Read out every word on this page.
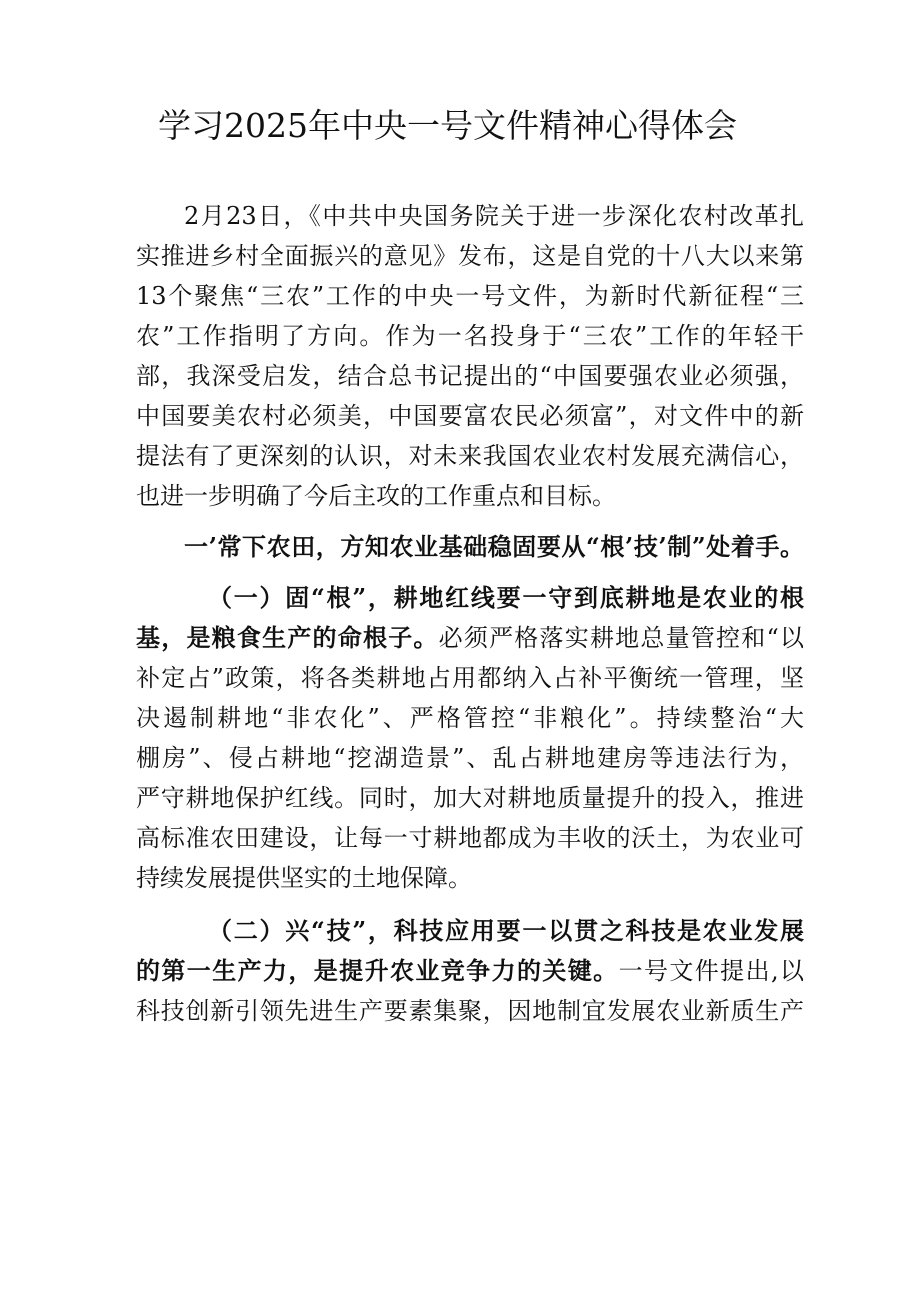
学习2025年中央一号文件精神心得体会
2月23日，《中共中央国务院关于进一步深化农村改革扎
实推进乡村全面振兴的意见》发布，这是自党的十八大以来第
13个聚焦“三农”工作的中央一号文件，为新时代新征程“三
农”工作指明了方向。作为一名投身于“三农”工作的年轻干
部，我深受启发，结合总书记提出的“中国要强农业必须强，
中国要美农村必须美，中国要富农民必须富”，对文件中的新
提法有了更深刻的认识，对未来我国农业农村发展充满信心，
也进一步明确了今后主攻的工作重点和目标。
一’常下农田，方知农业基础稳固要从“根’技’制”处着手。
（一）固“根”，耕地红线要一守到底耕地是农业的根
基，是粮食生产的命根子。必须严格落实耕地总量管控和“以
补定占”政策，将各类耕地占用都纳入占补平衡统一管理，坚
决遏制耕地“非农化”、严格管控“非粮化”。持续整治“大
棚房”、侵占耕地“挖湖造景”、乱占耕地建房等违法行为，
严守耕地保护红线。同时，加大对耕地质量提升的投入，推进
高标准农田建设，让每一寸耕地都成为丰收的沃土，为农业可
持续发展提供坚实的土地保障。
（二）兴“技”，科技应用要一以贯之科技是农业发展
的第一生产力，是提升农业竞争力的关键。一号文件提出,以
科技创新引领先进生产要素集聚，因地制宜发展农业新质生产
